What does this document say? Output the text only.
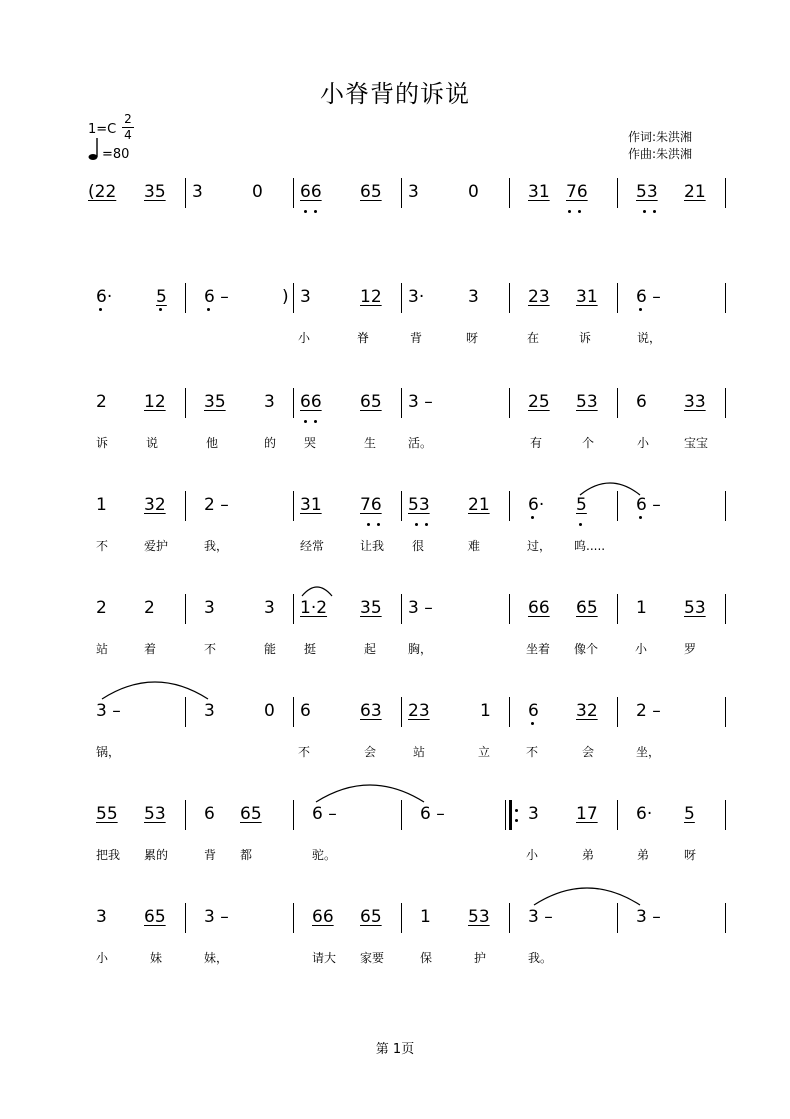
小脊背的诉说
1=C
2
4
=80
作词:朱洪湘
作曲:朱洪湘
(22 35 3	0 66 65 3	0	31 76	53 21
6·	5 6 –	) 3	12 3·	3	23 31 6 –
小	脊	背	呀	在	诉	说，
2 12 35 3 66 65 3 –	25 53 6 33
诉	说	他	的 哭	生	活。	有	个	小	宝宝
1 32 2 –	31 76 53 21 6· 5	6 –
不	爱护	我，	经常	让我 很	难	过， 呜.....
2 2	3	3 1·2 35 3 –	66 65 1 53
站	着	不	能 挺	起	胸，	坐着 像个	小	罗
3 –	3	0 6	63 23	1 6 32 2 –
锅，	不	会	站	立	不	会	坐，
55 53 6 65	6 –	6 –	3 17 6· 5
把我 累的	背 都	驼。	小	弟	弟	呀
3 65 3 –	66 65 1 53 3 –	3 –
小	妹	妹，	请大 家要	保	护	我。
第 1页
